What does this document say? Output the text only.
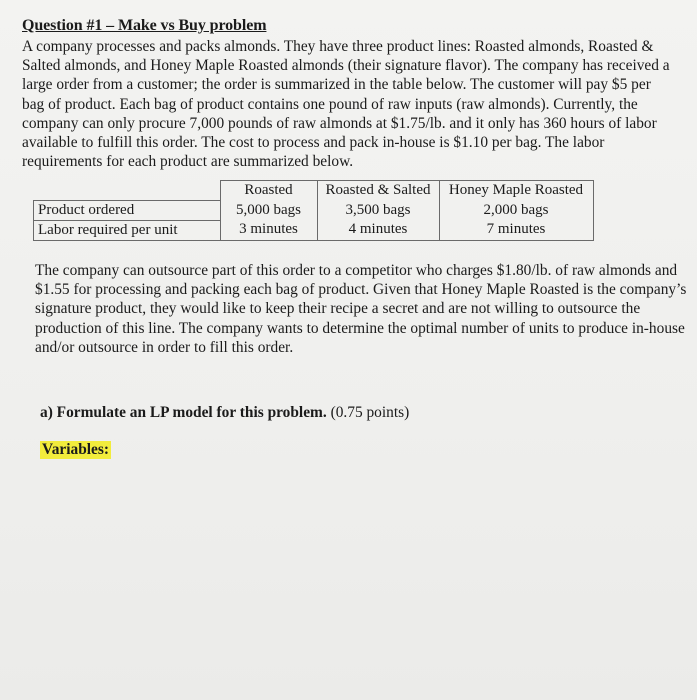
Question #1 – Make vs Buy problem

A company processes and packs almonds. They have three product lines: Roasted almonds, Roasted &
Salted almonds, and Honey Maple Roasted almonds (their signature flavor). The company has received a
large order from a customer; the order is summarized in the table below. The customer will pay $5 per
bag of product. Each bag of product contains one pound of raw inputs (raw almonds). Currently, the
company can only procure 7,000 pounds of raw almonds at $1.75/lb. and it only has 360 hours of labor
available to fulfill this order. The cost to process and pack in-house is $1.10 per bag. The labor
requirements for each product are summarized below.

	Roasted	Roasted & Salted	Honey Maple Roasted
Product ordered	5,000 bags	3,500 bags	2,000 bags
Labor required per unit	3 minutes	4 minutes	7 minutes

The company can outsource part of this order to a competitor who charges $1.80/lb. of raw almonds and
$1.55 for processing and packing each bag of product. Given that Honey Maple Roasted is the company’s
signature product, they would like to keep their recipe a secret and are not willing to outsource the
production of this line. The company wants to determine the optimal number of units to produce in-house
and/or outsource in order to fill this order.

a) Formulate an LP model for this problem. (0.75 points)
Variables:
